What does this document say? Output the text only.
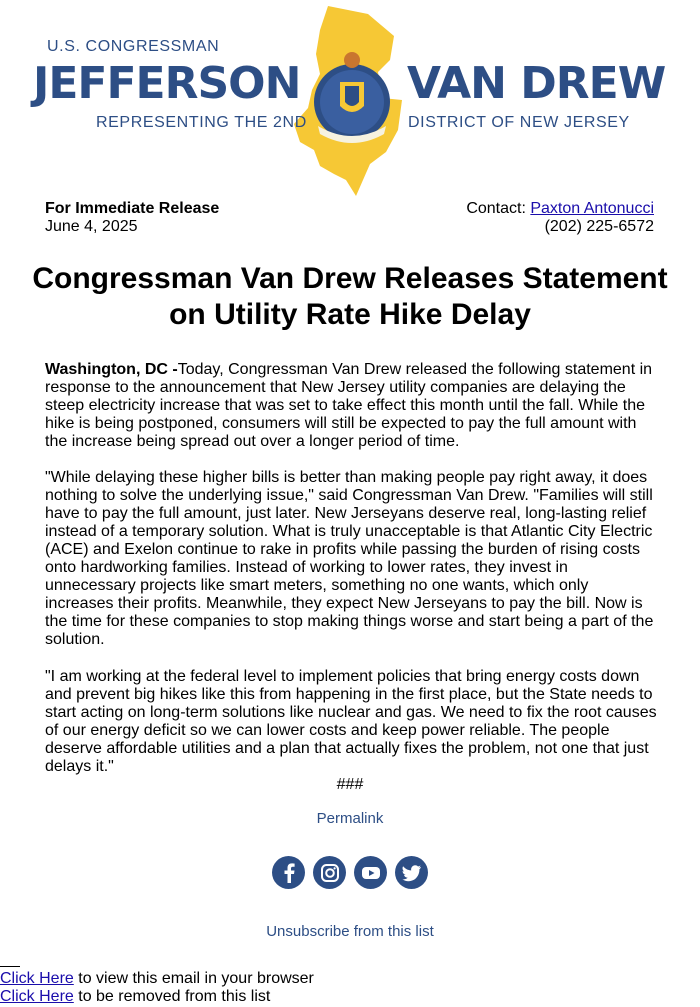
U.S. CONGRESSMAN
JEFFERSON VAN DREW
REPRESENTING THE 2ND	DISTRICT OF NEW JERSEY
For Immediate Release
June 4, 2025
Contact: Paxton Antonucci
(202) 225-6572
Congressman Van Drew Releases Statement on Utility Rate Hike Delay

Washington, DC -Today, Congressman Van Drew released the following statement in response to the announcement that New Jersey utility companies are delaying the steep electricity increase that was set to take effect this month until the fall. While the hike is being postponed, consumers will still be expected to pay the full amount with the increase being spread out over a longer period of time.

"While delaying these higher bills is better than making people pay right away, it does nothing to solve the underlying issue," said Congressman Van Drew. "Families will still have to pay the full amount, just later. New Jerseyans deserve real, long-lasting relief instead of a temporary solution. What is truly unacceptable is that Atlantic City Electric (ACE) and Exelon continue to rake in profits while passing the burden of rising costs onto hardworking families. Instead of working to lower rates, they invest in unnecessary projects like smart meters, something no one wants, which only increases their profits. Meanwhile, they expect New Jerseyans to pay the bill. Now is the time for these companies to stop making things worse and start being a part of the solution.

"I am working at the federal level to implement policies that bring energy costs down and prevent big hikes like this from happening in the first place, but the State needs to start acting on long-term solutions like nuclear and gas. We need to fix the root causes of our energy deficit so we can lower costs and keep power reliable. The people deserve affordable utilities and a plan that actually fixes the problem, not one that just delays it."

###
Permalink
Unsubscribe from this list
Click Here to view this email in your browser
Click Here to be removed from this list
